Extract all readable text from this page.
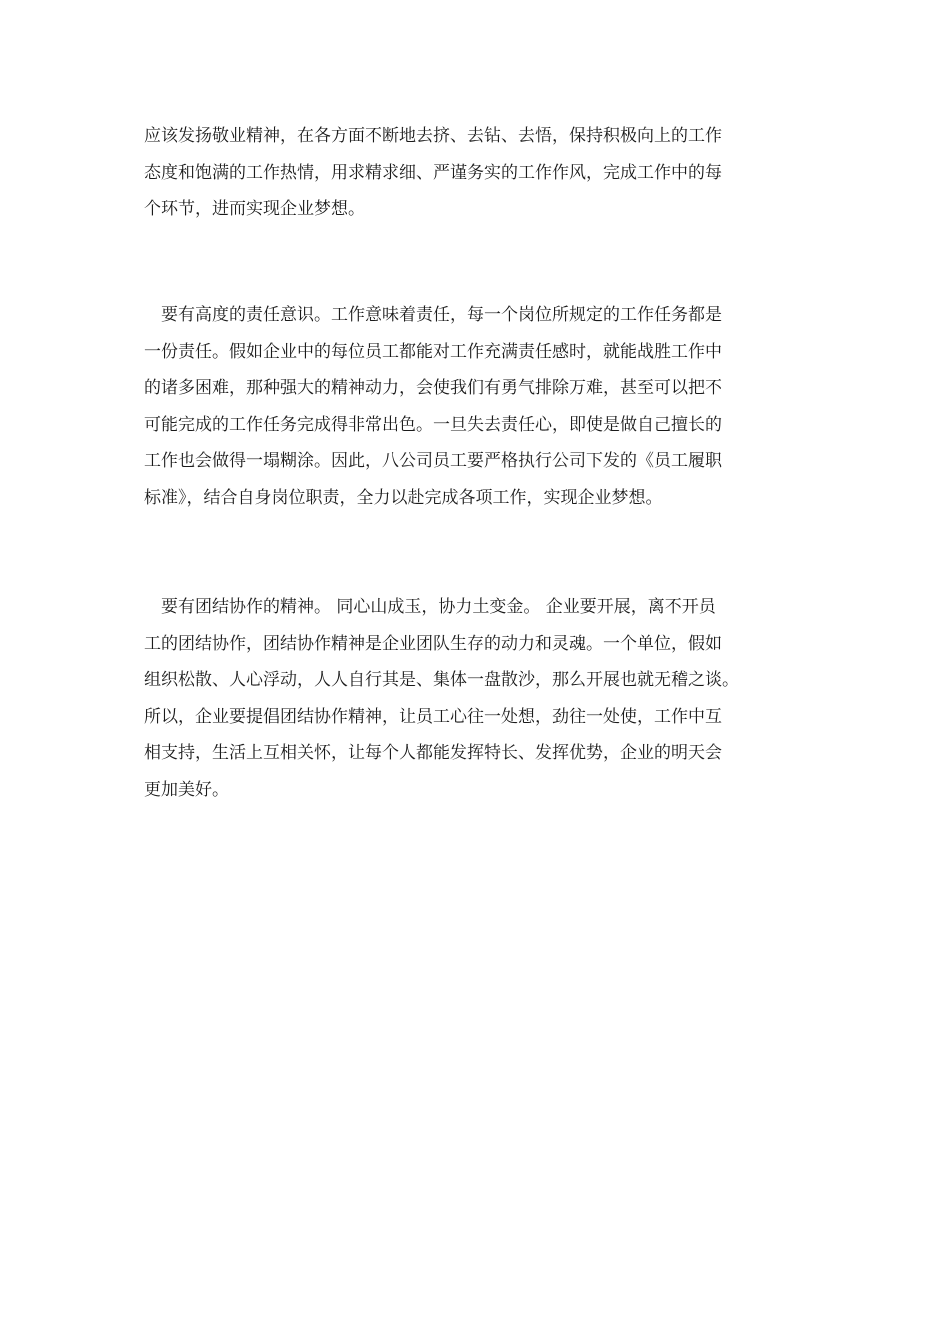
应该发扬敬业精神，在各方面不断地去挤、去钻、去悟，保持积极向上的工作
态度和饱满的工作热情，用求精求细、严谨务实的工作作风，完成工作中的每
个环节，进而实现企业梦想。

　要有高度的责任意识。工作意味着责任，每一个岗位所规定的工作任务都是
一份责任。假如企业中的每位员工都能对工作充满责任感时，就能战胜工作中
的诸多困难，那种强大的精神动力，会使我们有勇气排除万难，甚至可以把不
可能完成的工作任务完成得非常出色。一旦失去责任心，即使是做自己擅长的
工作也会做得一塌糊涂。因此，八公司员工要严格执行公司下发的《员工履职
标准》，结合自身岗位职责，全力以赴完成各项工作，实现企业梦想。

　要有团结协作的精神。 同心山成玉，协力土变金。 企业要开展，离不开员
工的团结协作，团结协作精神是企业团队生存的动力和灵魂。一个单位，假如
组织松散、人心浮动，人人自行其是、集体一盘散沙，那么开展也就无稽之谈。
所以，企业要提倡团结协作精神，让员工心往一处想，劲往一处使，工作中互
相支持，生活上互相关怀，让每个人都能发挥特长、发挥优势，企业的明天会
更加美好。
